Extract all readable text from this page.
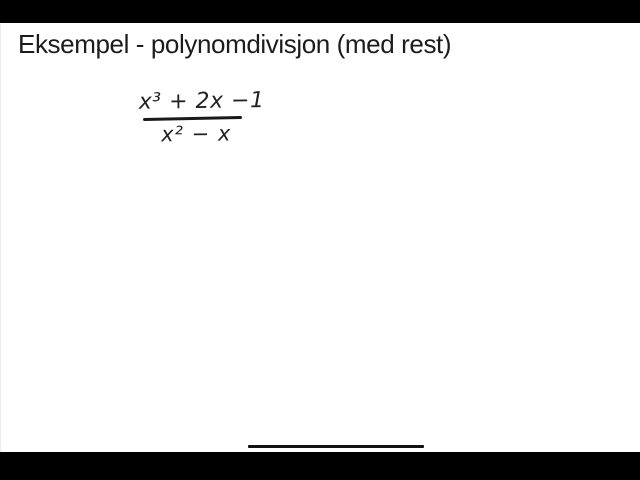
Eksempel - polynomdivisjon (med rest)
x³ + 2x −1
x² − x
